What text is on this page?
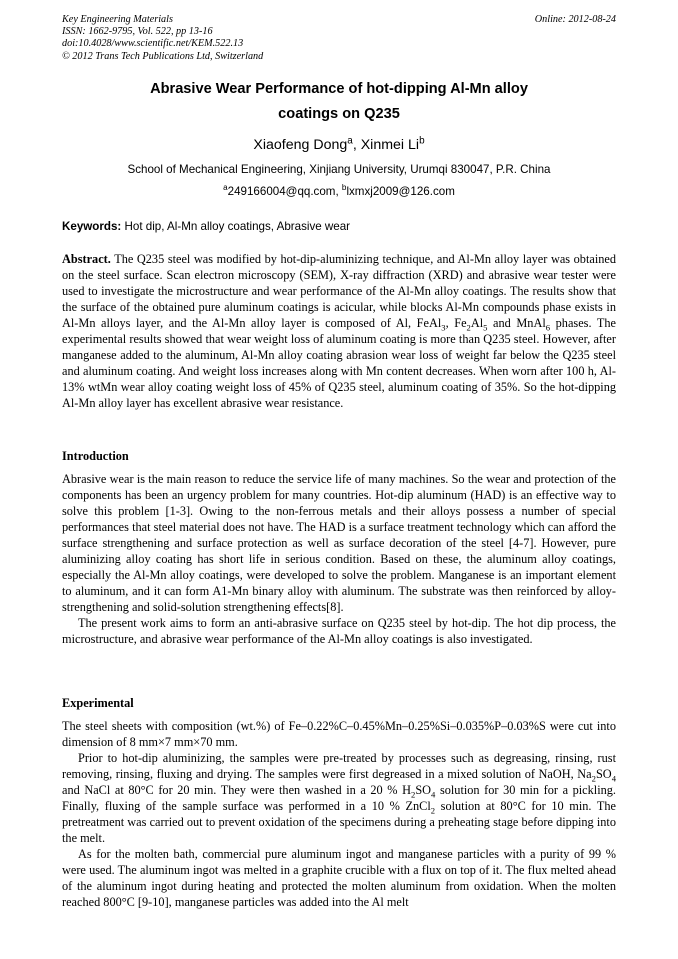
Key Engineering Materials
ISSN: 1662-9795, Vol. 522, pp 13-16
doi:10.4028/www.scientific.net/KEM.522.13
© 2012 Trans Tech Publications Ltd, Switzerland
Online: 2012-08-24
Abrasive Wear Performance of hot-dipping Al-Mn alloy
coatings on Q235
Xiaofeng Dong$^a$, Xinmei Li$^b$
School of Mechanical Engineering, Xinjiang University, Urumqi 830047, P.R. China
$^a$249166004@qq.com, $^b$lxmxj2009@126.com
Keywords: Hot dip, Al-Mn alloy coatings, Abrasive wear

Abstract. The Q235 steel was modified by hot-dip-aluminizing technique, and Al-Mn alloy layer was obtained on the steel surface. Scan electron microscopy (SEM), X-ray diffraction (XRD) and abrasive wear tester were used to investigate the microstructure and wear performance of the Al-Mn alloy coatings. The results show that the surface of the obtained pure aluminum coatings is acicular, while blocks Al-Mn compounds phase exists in Al-Mn alloys layer, and the Al-Mn alloy layer is composed of Al, FeAl$_3$, $Fe_2Al_5$ and MnAl$_6$ phases. The experimental results showed that wear weight loss of aluminum coating is more than Q235 steel. However, after manganese added to the aluminum, Al-Mn alloy coating abrasion wear loss of weight far below the Q235 steel and aluminum coating. And weight loss increases along with Mn content decreases. When worn after 100 h, Al-13% wtMn wear alloy coating weight loss of 45% of Q235 steel, aluminum coating of 35%. So the hot-dipping Al-Mn alloy layer has excellent abrasive wear resistance.

Introduction

Abrasive wear is the main reason to reduce the service life of many machines. So the wear and protection of the components has been an urgency problem for many countries. Hot-dip aluminum (HAD) is an effective way to solve this problem [1-3]. Owing to the non-ferrous metals and their alloys possess a number of special performances that steel material does not have. The HAD is a surface treatment technology which can afford the surface strengthening and surface protection as well as surface decoration of the steel [4-7]. However, pure aluminizing alloy coating has short life in serious condition. Based on these, the aluminum alloy coatings, especially the Al-Mn alloy coatings, were developed to solve the problem. Manganese is an important element to aluminum, and it can form A1-Mn binary alloy with aluminum. The substrate was then reinforced by alloy-strengthening and solid-solution strengthening effects[8].

The present work aims to form an anti-abrasive surface on Q235 steel by hot-dip. The hot dip process, the microstructure, and abrasive wear performance of the Al-Mn alloy coatings is also investigated.

Experimental

The steel sheets with composition (wt.%) of Fe–0.22%C–0.45%Mn–0.25%Si–0.035%P–0.03%S were cut into dimension of 8 mm×7 mm×70 mm.

Prior to hot-dip aluminizing, the samples were pre-treated by processes such as degreasing, rinsing, rust removing, rinsing, fluxing and drying. The samples were first degreased in a mixed solution of NaOH, $Na_2SO_4$ and NaCl at 80°C for 20 min. They were then washed in a 20 % $H_2SO_4$ solution for 30 min for a pickling. Finally, fluxing of the sample surface was performed in a 10 % ZnCl$_2$ solution at 80°C for 10 min. The pretreatment was carried out to prevent oxidation of the specimens during a preheating stage before dipping into the melt.

As for the molten bath, commercial pure aluminum ingot and manganese particles with a purity of 99 % were used. The aluminum ingot was melted in a graphite crucible with a flux on top of it. The flux melted ahead of the aluminum ingot during heating and protected the molten aluminum from oxidation. When the molten reached 800°C [9-10], manganese particles was added into the Al melt
